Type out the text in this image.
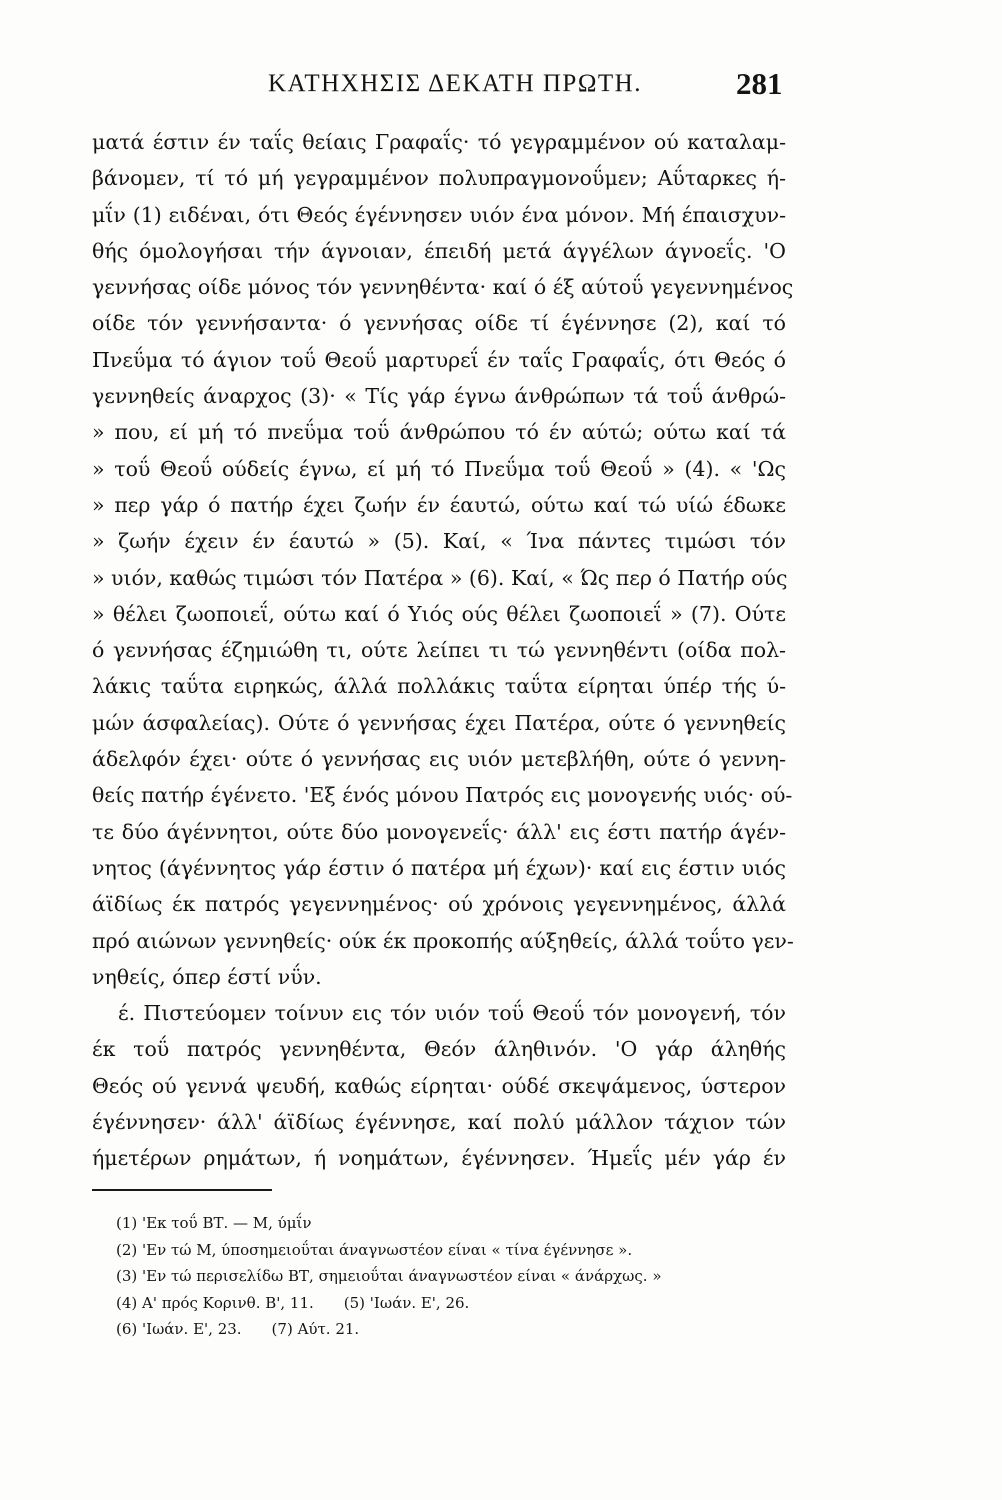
ΚΑΤΗΧΗΣΙΣ ΔΕΚΑΤΗ ΠΡΩΤΗ.	281
ματά έστιν έν ταΐς θείαις Γραφαΐς· τό γεγραμμένον ού καταλαμ-
βάνομεν, τί τό μή γεγραμμένον πολυπραγμονοΰμεν; Αΰταρκες ή-
μΐν (1) ειδέναι, ότι Θεός έγέννησεν υιόν ένα μόνον. Μή έπαισχυν-
θής όμολογήσαι τήν άγνοιαν, έπειδή μετά άγγέλων άγνοεΐς. 'Ο
γεννήσας οίδε μόνος τόν γεννηθέντα· καί ό έξ αύτοΰ γεγεννημένος
οίδε τόν γεννήσαντα· ό γεννήσας οίδε τί έγέννησε (2), καί τό
Πνεΰμα τό άγιον τοΰ Θεοΰ μαρτυρεΐ έν ταΐς Γραφαΐς, ότι Θεός ό
γεννηθείς άναρχος (3)· « Τίς γάρ έγνω άνθρώπων τά τοΰ άνθρώ-
» που, εί μή τό πνεΰμα τοΰ άνθρώπου τό έν αύτώ; ούτω καί τά
» τοΰ Θεοΰ ούδείς έγνω, εί μή τό Πνεΰμα τοΰ Θεοΰ » (4). « 'Ως
» περ γάρ ό πατήρ έχει ζωήν έν έαυτώ, ούτω καί τώ υίώ έδωκε
» ζωήν έχειν έν έαυτώ » (5). Καί, « Ίνα πάντες τιμώσι τόν
» υιόν, καθώς τιμώσι τόν Πατέρα » (6). Καί, « Ώς περ ό Πατήρ ούς
» θέλει ζωοποιεΐ, ούτω καί ό Υιός ούς θέλει ζωοποιεΐ » (7). Ούτε
ό γεννήσας έζημιώθη τι, ούτε λείπει τι τώ γεννηθέντι (οίδα πολ-
λάκις ταΰτα ειρηκώς, άλλά πολλάκις ταΰτα είρηται ύπέρ τής ύ-
μών άσφαλείας). Ούτε ό γεννήσας έχει Πατέρα, ούτε ό γεννηθείς
άδελφόν έχει· ούτε ό γεννήσας εις υιόν μετεβλήθη, ούτε ό γεννη-
θείς πατήρ έγένετο. 'Εξ ένός μόνου Πατρός εις μονογενής υιός· ού-
τε δύο άγέννητοι, ούτε δύο μονογενεΐς· άλλ' εις έστι πατήρ άγέν-
νητος (άγέννητος γάρ έστιν ό πατέρα μή έχων)· καί εις έστιν υιός
άϊδίως έκ πατρός γεγεννημένος· ού χρόνοις γεγεννημένος, άλλά
πρό αιώνων γεννηθείς· ούκ έκ προκοπής αύξηθείς, άλλά τοΰτο γεν-
νηθείς, όπερ έστί νΰν.
έ. Πιστεύομεν τοίνυν εις τόν υιόν τοΰ Θεοΰ τόν μονογενή, τόν
έκ τοΰ πατρός γεννηθέντα, Θεόν άληθινόν. 'Ο γάρ άληθής
Θεός ού γεννά ψευδή, καθώς είρηται· ούδέ σκεψάμενος, ύστερον
έγέννησεν· άλλ' άϊδίως έγέννησε, καί πολύ μάλλον τάχιον τών
ήμετέρων ρημάτων, ή νοημάτων, έγέννησεν. Ήμεΐς μέν γάρ έν
(1) 'Εκ τοΰ ΒΤ. — Μ, ύμΐν
(2) 'Εν τώ Μ, ύποσημειοΰται άναγνωστέον είναι « τίνα έγέννησε ».
(3) 'Εν τώ περισελίδω ΒΤ, σημειοΰται άναγνωστέον είναι « άνάρχως. »
(4) Α' πρός Κορινθ. Β', 11. (5) 'Ιωάν. Ε', 26.
(6) 'Ιωάν. Ε', 23. (7) Αύτ. 21.
